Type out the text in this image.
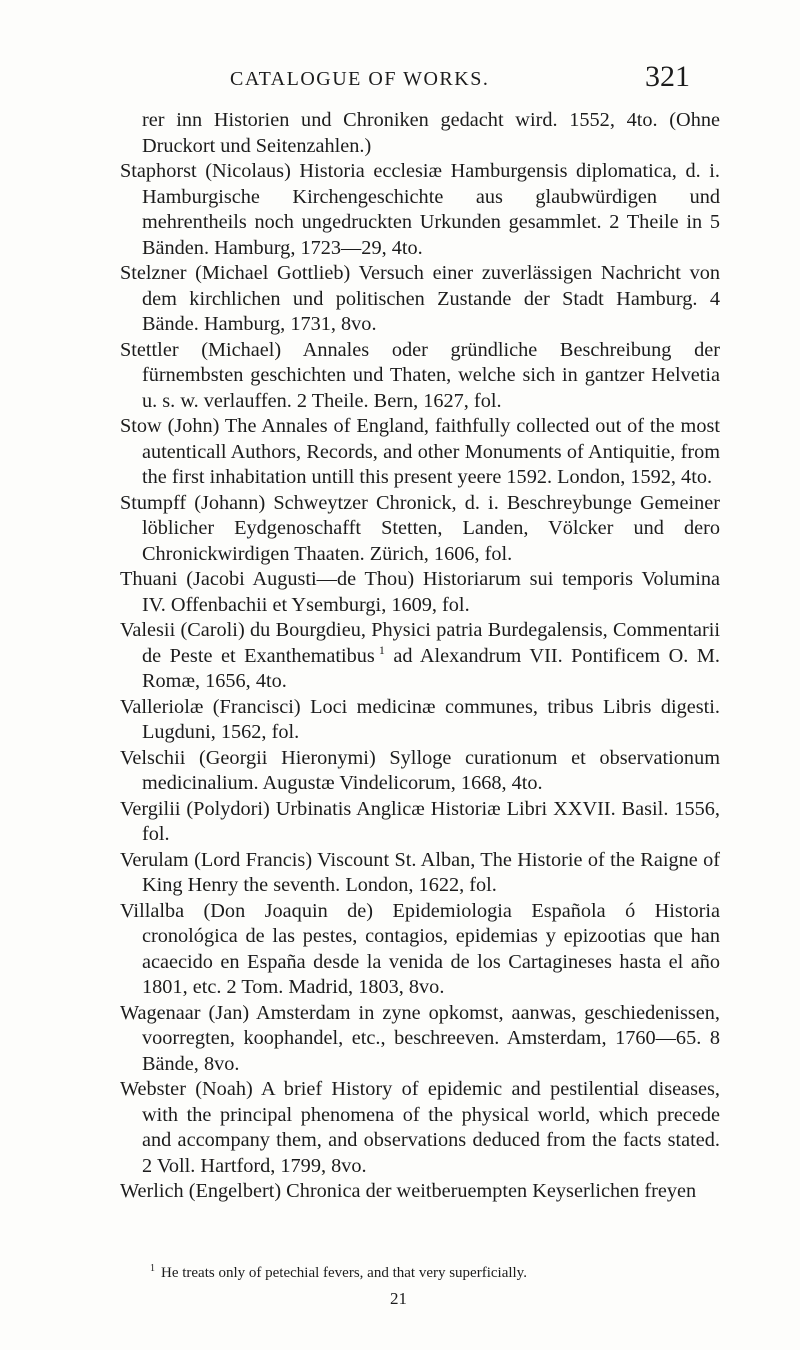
CATALOGUE OF WORKS.	321

rer inn Historien und Chroniken gedacht wird. 1552, 4to. (Ohne Druckort und Seitenzahlen.)

Staphorst (Nicolaus) Historia ecclesiæ Hamburgensis diplomatica, d. i. Hamburgische Kirchengeschichte aus glaubwürdigen und mehrentheils noch ungedruckten Urkunden gesammlet. 2 Theile in 5 Bänden. Hamburg, 1723—29, 4to.

Stelzner (Michael Gottlieb) Versuch einer zuverlässigen Nachricht von dem kirchlichen und politischen Zustande der Stadt Hamburg. 4 Bände. Hamburg, 1731, 8vo.

Stettler (Michael) Annales oder gründliche Beschreibung der fürnembsten geschichten und Thaten, welche sich in gantzer Helvetia u. s. w. verlauffen. 2 Theile. Bern, 1627, fol.

Stow (John) The Annales of England, faithfully collected out of the most autenticall Authors, Records, and other Monuments of Antiquitie, from the first inhabitation untill this present yeere 1592. London, 1592, 4to.

Stumpff (Johann) Schweytzer Chronick, d. i. Beschreybunge Gemeiner löblicher Eydgenoschafft Stetten, Landen, Völcker und dero Chronickwirdigen Thaaten. Zürich, 1606, fol.

Thuani (Jacobi Augusti—de Thou) Historiarum sui temporis Volumina IV. Offenbachii et Ysemburgi, 1609, fol.

Valesii (Caroli) du Bourgdieu, Physici patria Burdegalensis, Commentarii de Peste et Exanthematibus  $^1$ ad Alexandrum VII. Pontificem O. M. Romæ, 1656, 4to.

Valleriolæ (Francisci) Loci medicinæ communes, tribus Libris digesti. Lugduni, 1562, fol.

Velschii (Georgii Hieronymi) Sylloge curationum et observationum medicinalium. Augustæ Vindelicorum, 1668, 4to.

Vergilii (Polydori) Urbinatis Anglicæ Historiæ Libri XXVII. Basil. 1556, fol.

Verulam (Lord Francis) Viscount St. Alban, The Historie of the Raigne of King Henry the seventh. London, 1622, fol.

Villalba (Don Joaquin de) Epidemiologia Española ó Historia cronológica de las pestes, contagios, epidemias y epizootias que han acaecido en España desde la venida de los Cartagineses hasta el año 1801, etc. 2 Tom. Madrid, 1803, 8vo.

Wagenaar (Jan) Amsterdam in zyne opkomst, aanwas, geschiedenissen, voorregten, koophandel, etc., beschreeven. Amsterdam, 1760—65. 8 Bände, 8vo.

Webster (Noah) A brief History of epidemic and pestilential diseases, with the principal phenomena of the physical world, which precede and accompany them, and observations deduced from the facts stated. 2 Voll. Hartford, 1799, 8vo.

Werlich (Engelbert) Chronica der weitberuempten Keyserlichen freyen

$^1$ He treats only of petechial fevers, and that very superficially.
21
